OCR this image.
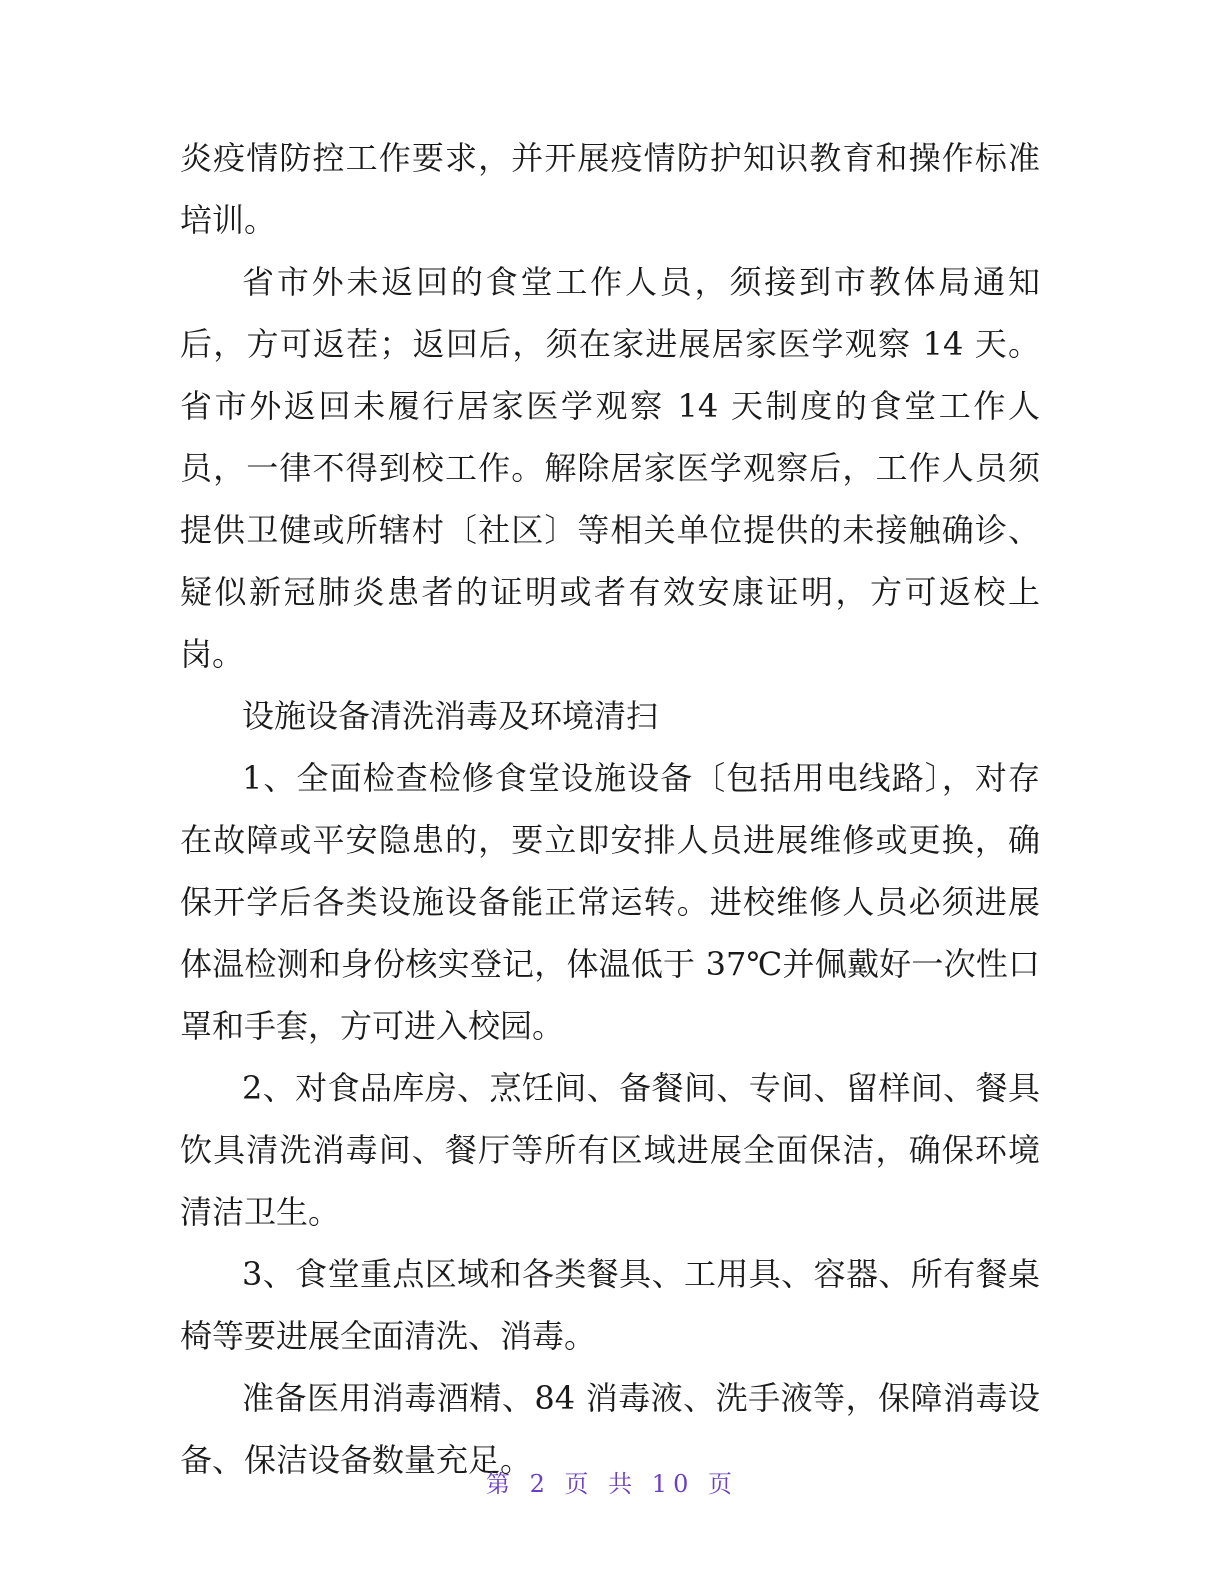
炎疫情防控工作要求，并开展疫情防护知识教育和操作标准培训。

省市外未返回的食堂工作人员，须接到市教体局通知后，方可返茬；返回后，须在家进展居家医学观察 14 天。省市外返回未履行居家医学观察 14 天制度的食堂工作人员，一律不得到校工作。解除居家医学观察后，工作人员须提供卫健或所辖村〔社区〕等相关单位提供的未接触确诊、疑似新冠肺炎患者的证明或者有效安康证明，方可返校上岗。

设施设备清洗消毒及环境清扫

1、全面检查检修食堂设施设备〔包括用电线路〕，对存在故障或平安隐患的，要立即安排人员进展维修或更换，确保开学后各类设施设备能正常运转。进校维修人员必须进展体温检测和身份核实登记，体温低于 37℃并佩戴好一次性口罩和手套，方可进入校园。

2、对食品库房、烹饪间、备餐间、专间、留样间、餐具饮具清洗消毒间、餐厅等所有区域进展全面保洁，确保环境清洁卫生。

3、食堂重点区域和各类餐具、工用具、容器、所有餐桌椅等要进展全面清洗、消毒。

准备医用消毒酒精、84 消毒液、洗手液等，保障消毒设备、保洁设备数量充足。

第 2 页 共 10 页
